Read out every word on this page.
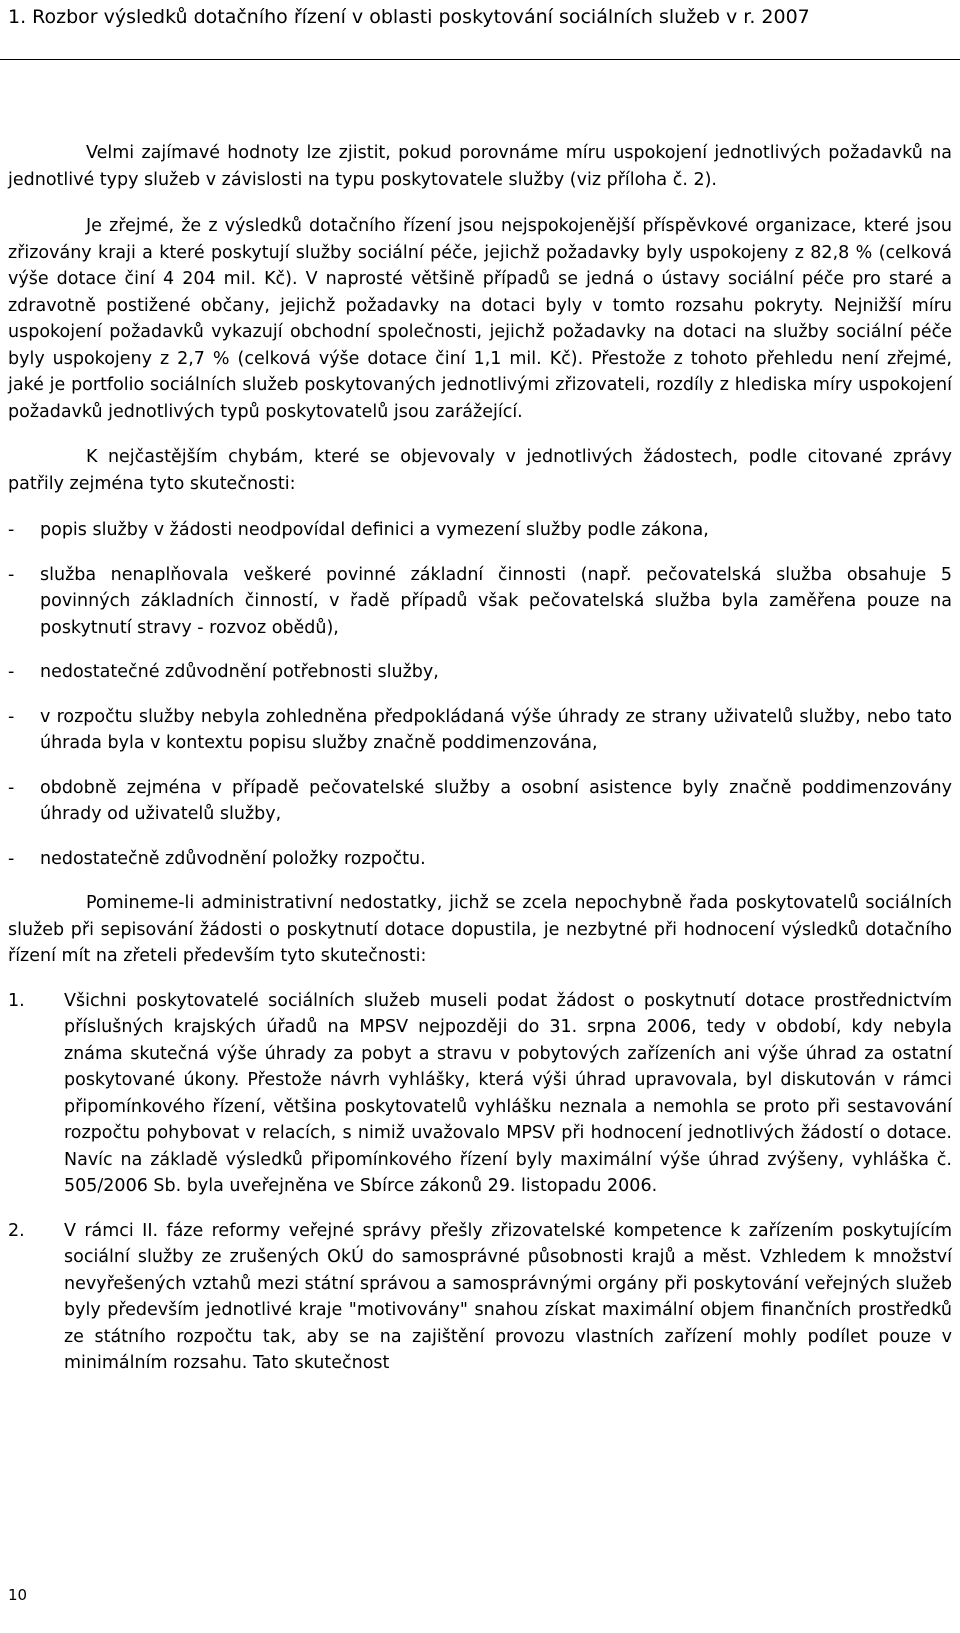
1. Rozbor výsledků dotačního řízení v oblasti poskytování sociálních služeb v r. 2007

Velmi zajímavé hodnoty lze zjistit, pokud porovnáme míru uspokojení jednotlivých požadavků na jednotlivé typy služeb v závislosti na typu poskytovatele služby (viz příloha č. 2).

Je zřejmé, že z výsledků dotačního řízení jsou nejspokojenější příspěvkové organizace, které jsou zřizovány kraji a které poskytují služby sociální péče, jejichž požadavky byly uspokojeny z 82,8 % (celková výše dotace činí 4 204 mil. Kč). V naprosté většině případů se jedná o ústavy sociální péče pro staré a zdravotně postižené občany, jejichž požadavky na dotaci byly v tomto rozsahu pokryty. Nejnižší míru uspokojení požadavků vykazují obchodní společnosti, jejichž požadavky na dotaci na služby sociální péče byly uspokojeny z 2,7 % (celková výše dotace činí 1,1 mil. Kč). Přestože z tohoto přehledu není zřejmé, jaké je portfolio sociálních služeb poskytovaných jednotlivými zřizovateli, rozdíly z hlediska míry uspokojení požadavků jednotlivých typů poskytovatelů jsou zarážející.

K nejčastějším chybám, které se objevovaly v jednotlivých žádostech, podle citované zprávy patřily zejména tyto skutečnosti:

- popis služby v žádosti neodpovídal definici a vymezení služby podle zákona,
- služba nenaplňovala veškeré povinné základní činnosti (např. pečovatelská služba obsahuje 5 povinných základních činností, v řadě případů však pečovatelská služba byla zaměřena pouze na poskytnutí stravy - rozvoz obědů),
- nedostatečné zdůvodnění potřebnosti služby,
- v rozpočtu služby nebyla zohledněna předpokládaná výše úhrady ze strany uživatelů služby, nebo tato úhrada byla v kontextu popisu služby značně poddimenzována,
- obdobně zejména v případě pečovatelské služby a osobní asistence byly značně poddimenzovány úhrady od uživatelů služby,
- nedostatečně zdůvodnění položky rozpočtu.

Pomineme-li administrativní nedostatky, jichž se zcela nepochybně řada poskytovatelů sociálních služeb při sepisování žádosti o poskytnutí dotace dopustila, je nezbytné při hodnocení výsledků dotačního řízení mít na zřeteli především tyto skutečnosti:

1. Všichni poskytovatelé sociálních služeb museli podat žádost o poskytnutí dotace prostřednictvím příslušných krajských úřadů na MPSV nejpozději do 31. srpna 2006, tedy v období, kdy nebyla známa skutečná výše úhrady za pobyt a stravu v pobytových zařízeních ani výše úhrad za ostatní poskytované úkony. Přestože návrh vyhlášky, která výši úhrad upravovala, byl diskutován v rámci připomínkového řízení, většina poskytovatelů vyhlášku neznala a nemohla se proto při sestavování rozpočtu pohybovat v relacích, s nimiž uvažovalo MPSV při hodnocení jednotlivých žádostí o dotace. Navíc na základě výsledků připomínkového řízení byly maximální výše úhrad zvýšeny, vyhláška č. 505/2006 Sb. byla uveřejněna ve Sbírce zákonů 29. listopadu 2006.
2. V rámci II. fáze reformy veřejné správy přešly zřizovatelské kompetence k zařízením poskytujícím sociální služby ze zrušených OkÚ do samosprávné působnosti krajů a měst. Vzhledem k množství nevyřešených vztahů mezi státní správou a samosprávnými orgány při poskytování veřejných služeb byly především jednotlivé kraje "motivovány" snahou získat maximální objem finančních prostředků ze státního rozpočtu tak, aby se na zajištění provozu vlastních zařízení mohly podílet pouze v minimálním rozsahu. Tato skutečnost
10
